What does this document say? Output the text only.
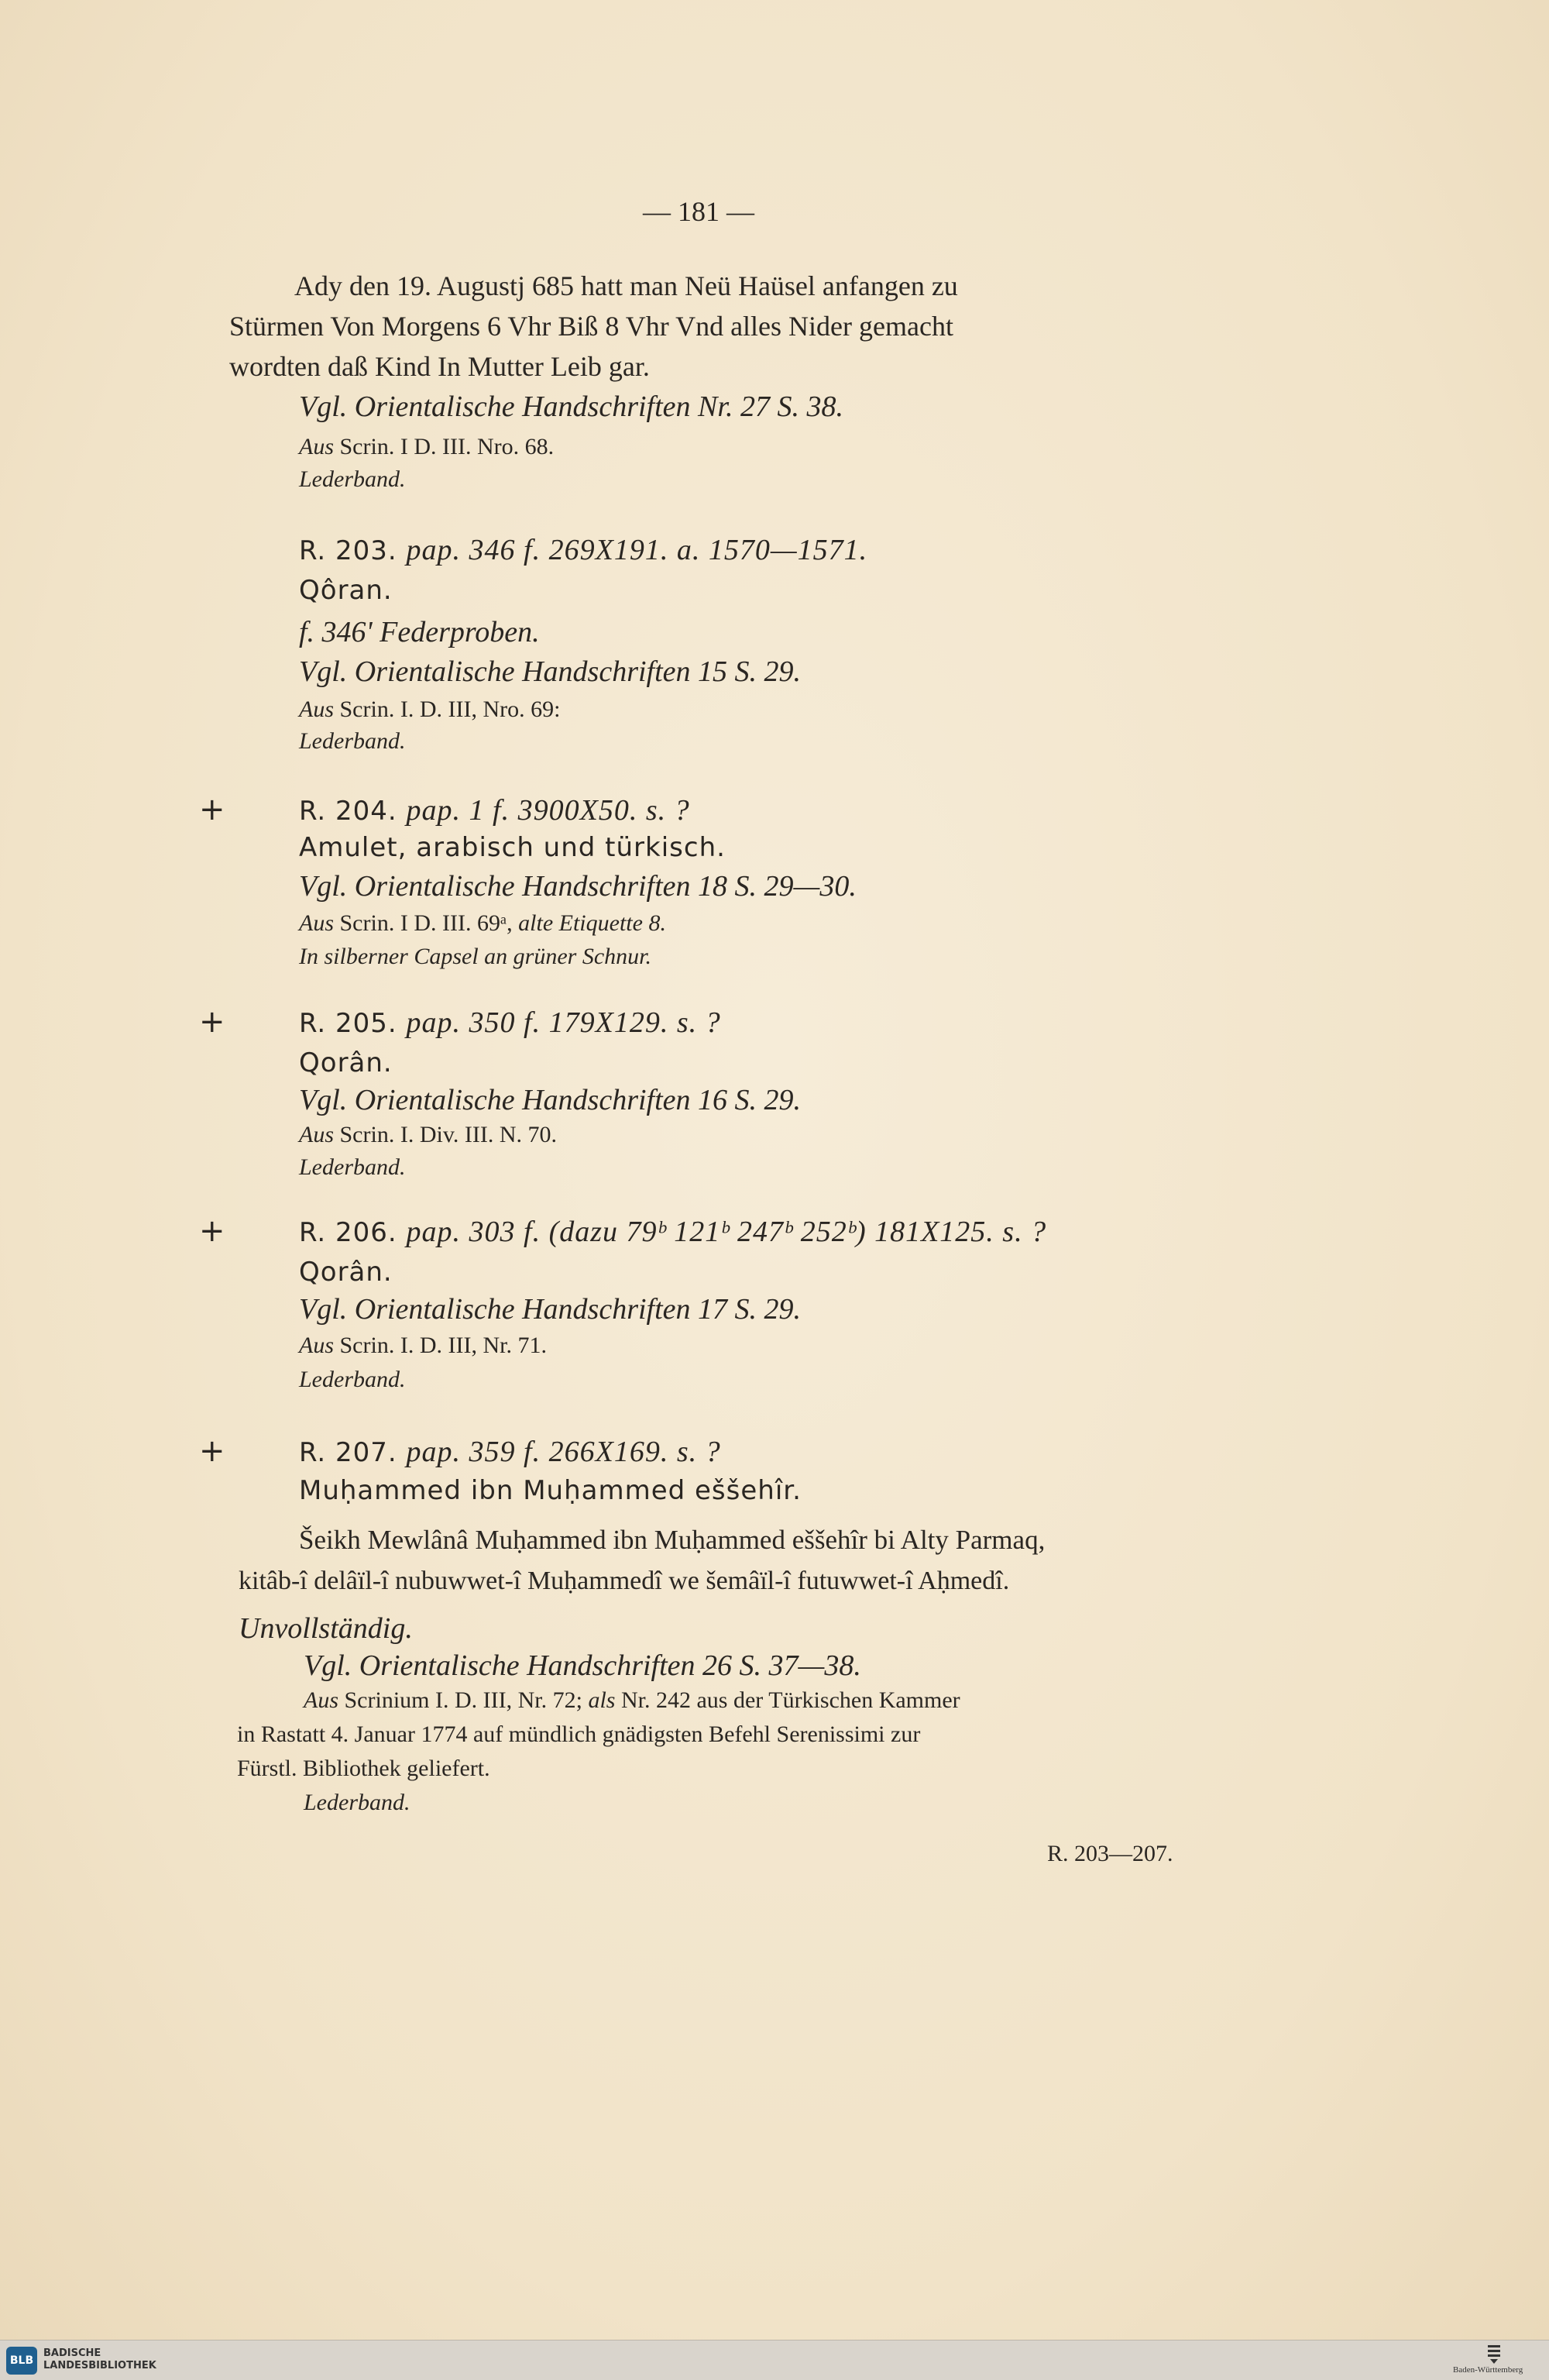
— 181 —
Ady den 19. Augustj 685 hatt man Neü Haüsel anfangen zu
Stürmen Von Morgens 6 Vhr Biß 8 Vhr Vnd alles Nider gemacht
wordten daß Kind In Mutter Leib gar.
Vgl. Orientalische Handschriften Nr. 27 S. 38.
Aus Scrin. I D. III. Nro. 68.
Lederband.
R. 203. pap. 346 f. 269X191. a. 1570—1571.
Qôran.
f. 346' Federproben.
Vgl. Orientalische Handschriften 15 S. 29.
Aus Scrin. I. D. III, Nro. 69:
Lederband.
+	R. 204. pap. 1 f. 3900X50. s. ?
Amulet, arabisch und türkisch.
Vgl. Orientalische Handschriften 18 S. 29—30.
Aus Scrin. I D. III. 69ᵃ, alte Etiquette 8.
In silberner Capsel an grüner Schnur.
+	R. 205. pap. 350 f. 179X129. s. ?
Qorân.
Vgl. Orientalische Handschriften 16 S. 29.
Aus Scrin. I. Div. III. N. 70.
Lederband.
+	R. 206. pap. 303 f. (dazu 79ᵇ 121ᵇ 247ᵇ 252ᵇ) 181X125. s. ?
Qorân.
Vgl. Orientalische Handschriften 17 S. 29.
Aus Scrin. I. D. III, Nr. 71.
Lederband.
+	R. 207. pap. 359 f. 266X169. s. ?
Muḥammed ibn Muḥammed eššehîr.
Šeikh Mewlânâ Muḥammed ibn Muḥammed eššehîr bi Alty Parmaq,
kitâb-î delâïl-î nubuwwet-î Muḥammedî we šemâïl-î futuwwet-î Aḥmedî.
Unvollständig.
Vgl. Orientalische Handschriften 26 S. 37—38.
Aus Scrinium I. D. III, Nr. 72; als Nr. 242 aus der Türkischen Kammer
in Rastatt 4. Januar 1774 auf mündlich gnädigsten Befehl Serenissimi zur
Fürstl. Bibliothek geliefert.
Lederband.
R. 203—207.
BLB
BADISCHE
LANDESBIBLIOTHEK	Baden-Württemberg
